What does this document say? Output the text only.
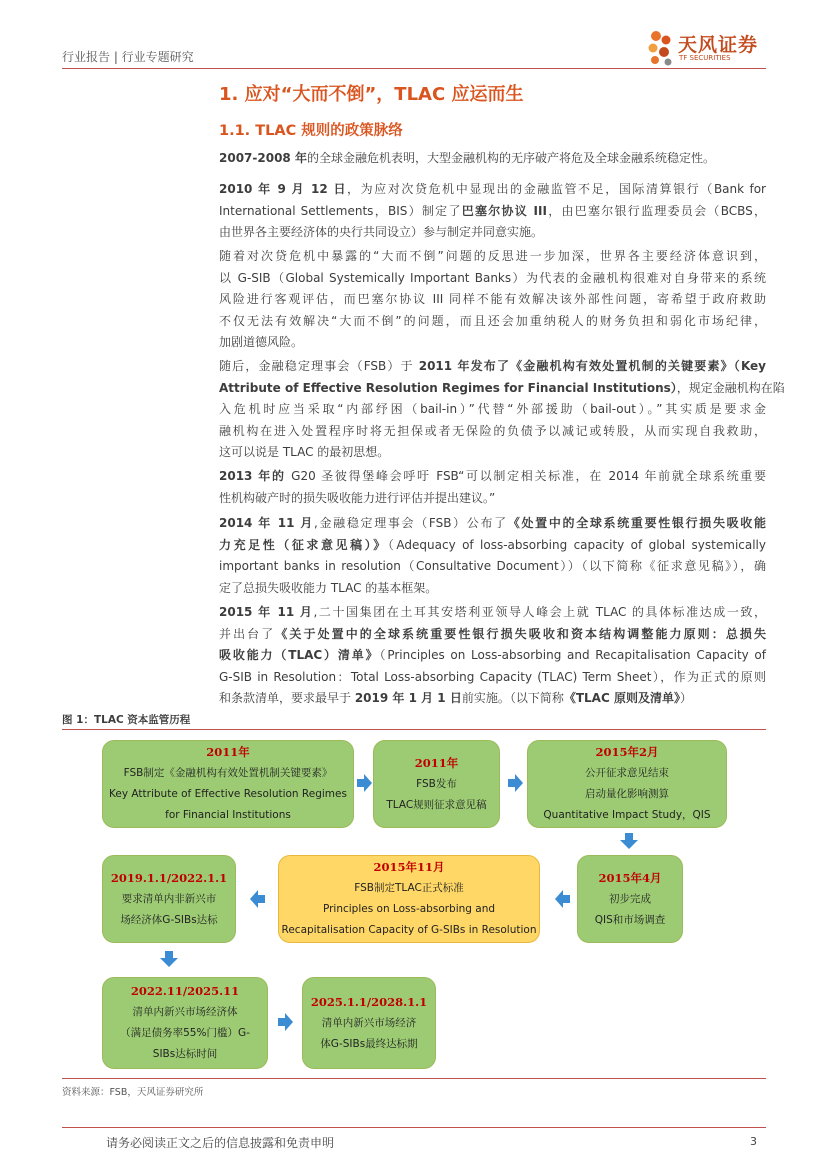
行业报告 | 行业专题研究
天风证券
TF SECURITIES
1. 应对“大而不倒”，TLAC 应运而生
1.1. TLAC 规则的政策脉络
2007-2008 年的全球金融危机表明，大型金融机构的无序破产将危及全球金融系统稳定性。
2010 年 9 月 12 日，为应对次贷危机中显现出的金融监管不足，国际清算银行（Bank for
International Settlements，BIS）制定了巴塞尔协议 III，由巴塞尔银行监理委员会（BCBS，
由世界各主要经济体的央行共同设立）参与制定并同意实施。
随着对次贷危机中暴露的“大而不倒”问题的反思进一步加深，世界各主要经济体意识到，
以 G-SIB（Global Systemically Important Banks）为代表的金融机构很难对自身带来的系统
风险进行客观评估，而巴塞尔协议 III 同样不能有效解决该外部性问题，寄希望于政府救助
不仅无法有效解决“大而不倒”的问题，而且还会加重纳税人的财务负担和弱化市场纪律，
加剧道德风险。
随后，金融稳定理事会（FSB）于 2011 年发布了《金融机构有效处置机制的关键要素》（Key
Attribute of Effective Resolution Regimes for Financial Institutions），规定金融机构在陷
入危机时应当采取“内部纾困（bail-in）”代替“外部援助（bail-out）。”其实质是要求金
融机构在进入处置程序时将无担保或者无保险的负债予以减记或转股，从而实现自我救助，
这可以说是 TLAC 的最初思想。
2013 年的 G20 圣彼得堡峰会呼吁 FSB“可以制定相关标准，在 2014 年前就全球系统重要
性机构破产时的损失吸收能力进行评估并提出建议。”
2014 年 11 月,金融稳定理事会（FSB）公布了《处置中的全球系统重要性银行损失吸收能
力充足性（征求意见稿）》（Adequacy of loss-absorbing capacity of global systemically
important banks in resolution（Consultative Document））（以下简称《征求意见稿》），确
定了总损失吸收能力 TLAC 的基本框架。
2015 年 11 月,二十国集团在土耳其安塔利亚领导人峰会上就 TLAC 的具体标准达成一致，
并出台了《关于处置中的全球系统重要性银行损失吸收和资本结构调整能力原则：总损失
吸收能力（TLAC）清单》（Principles on Loss-absorbing and Recapitalisation Capacity of
G-SIB in Resolution：Total Loss-absorbing Capacity (TLAC) Term Sheet），作为正式的原则
和条款清单，要求最早于 2019 年 1 月 1 日前实施。（以下简称《TLAC 原则及清单》）
图 1：TLAC 资本监管历程
2011年
FSB制定《金融机构有效处置机制关键要素》
Key Attribute of Effective Resolution Regimes
for Financial Institutions
2011年
FSB发布
TLAC规则征求意见稿
2015年2月
公开征求意见结束
启动量化影响测算
Quantitative Impact Study，QIS
2015年4月
初步完成
QIS和市场调查
2015年11月
FSB制定TLAC正式标准
Principles on Loss-absorbing and
Recapitalisation Capacity of G-SIBs in Resolution
2019.1.1/2022.1.1
要求清单内非新兴市
场经济体G-SIBs达标
2022.11/2025.11
清单内新兴市场经济体
（满足债务率55%门槛）G-
SIBs达标时间
2025.1.1/2028.1.1
清单内新兴市场经济
体G-SIBs最终达标期
资料来源：FSB，天风证券研究所
请务必阅读正文之后的信息披露和免责申明	3
